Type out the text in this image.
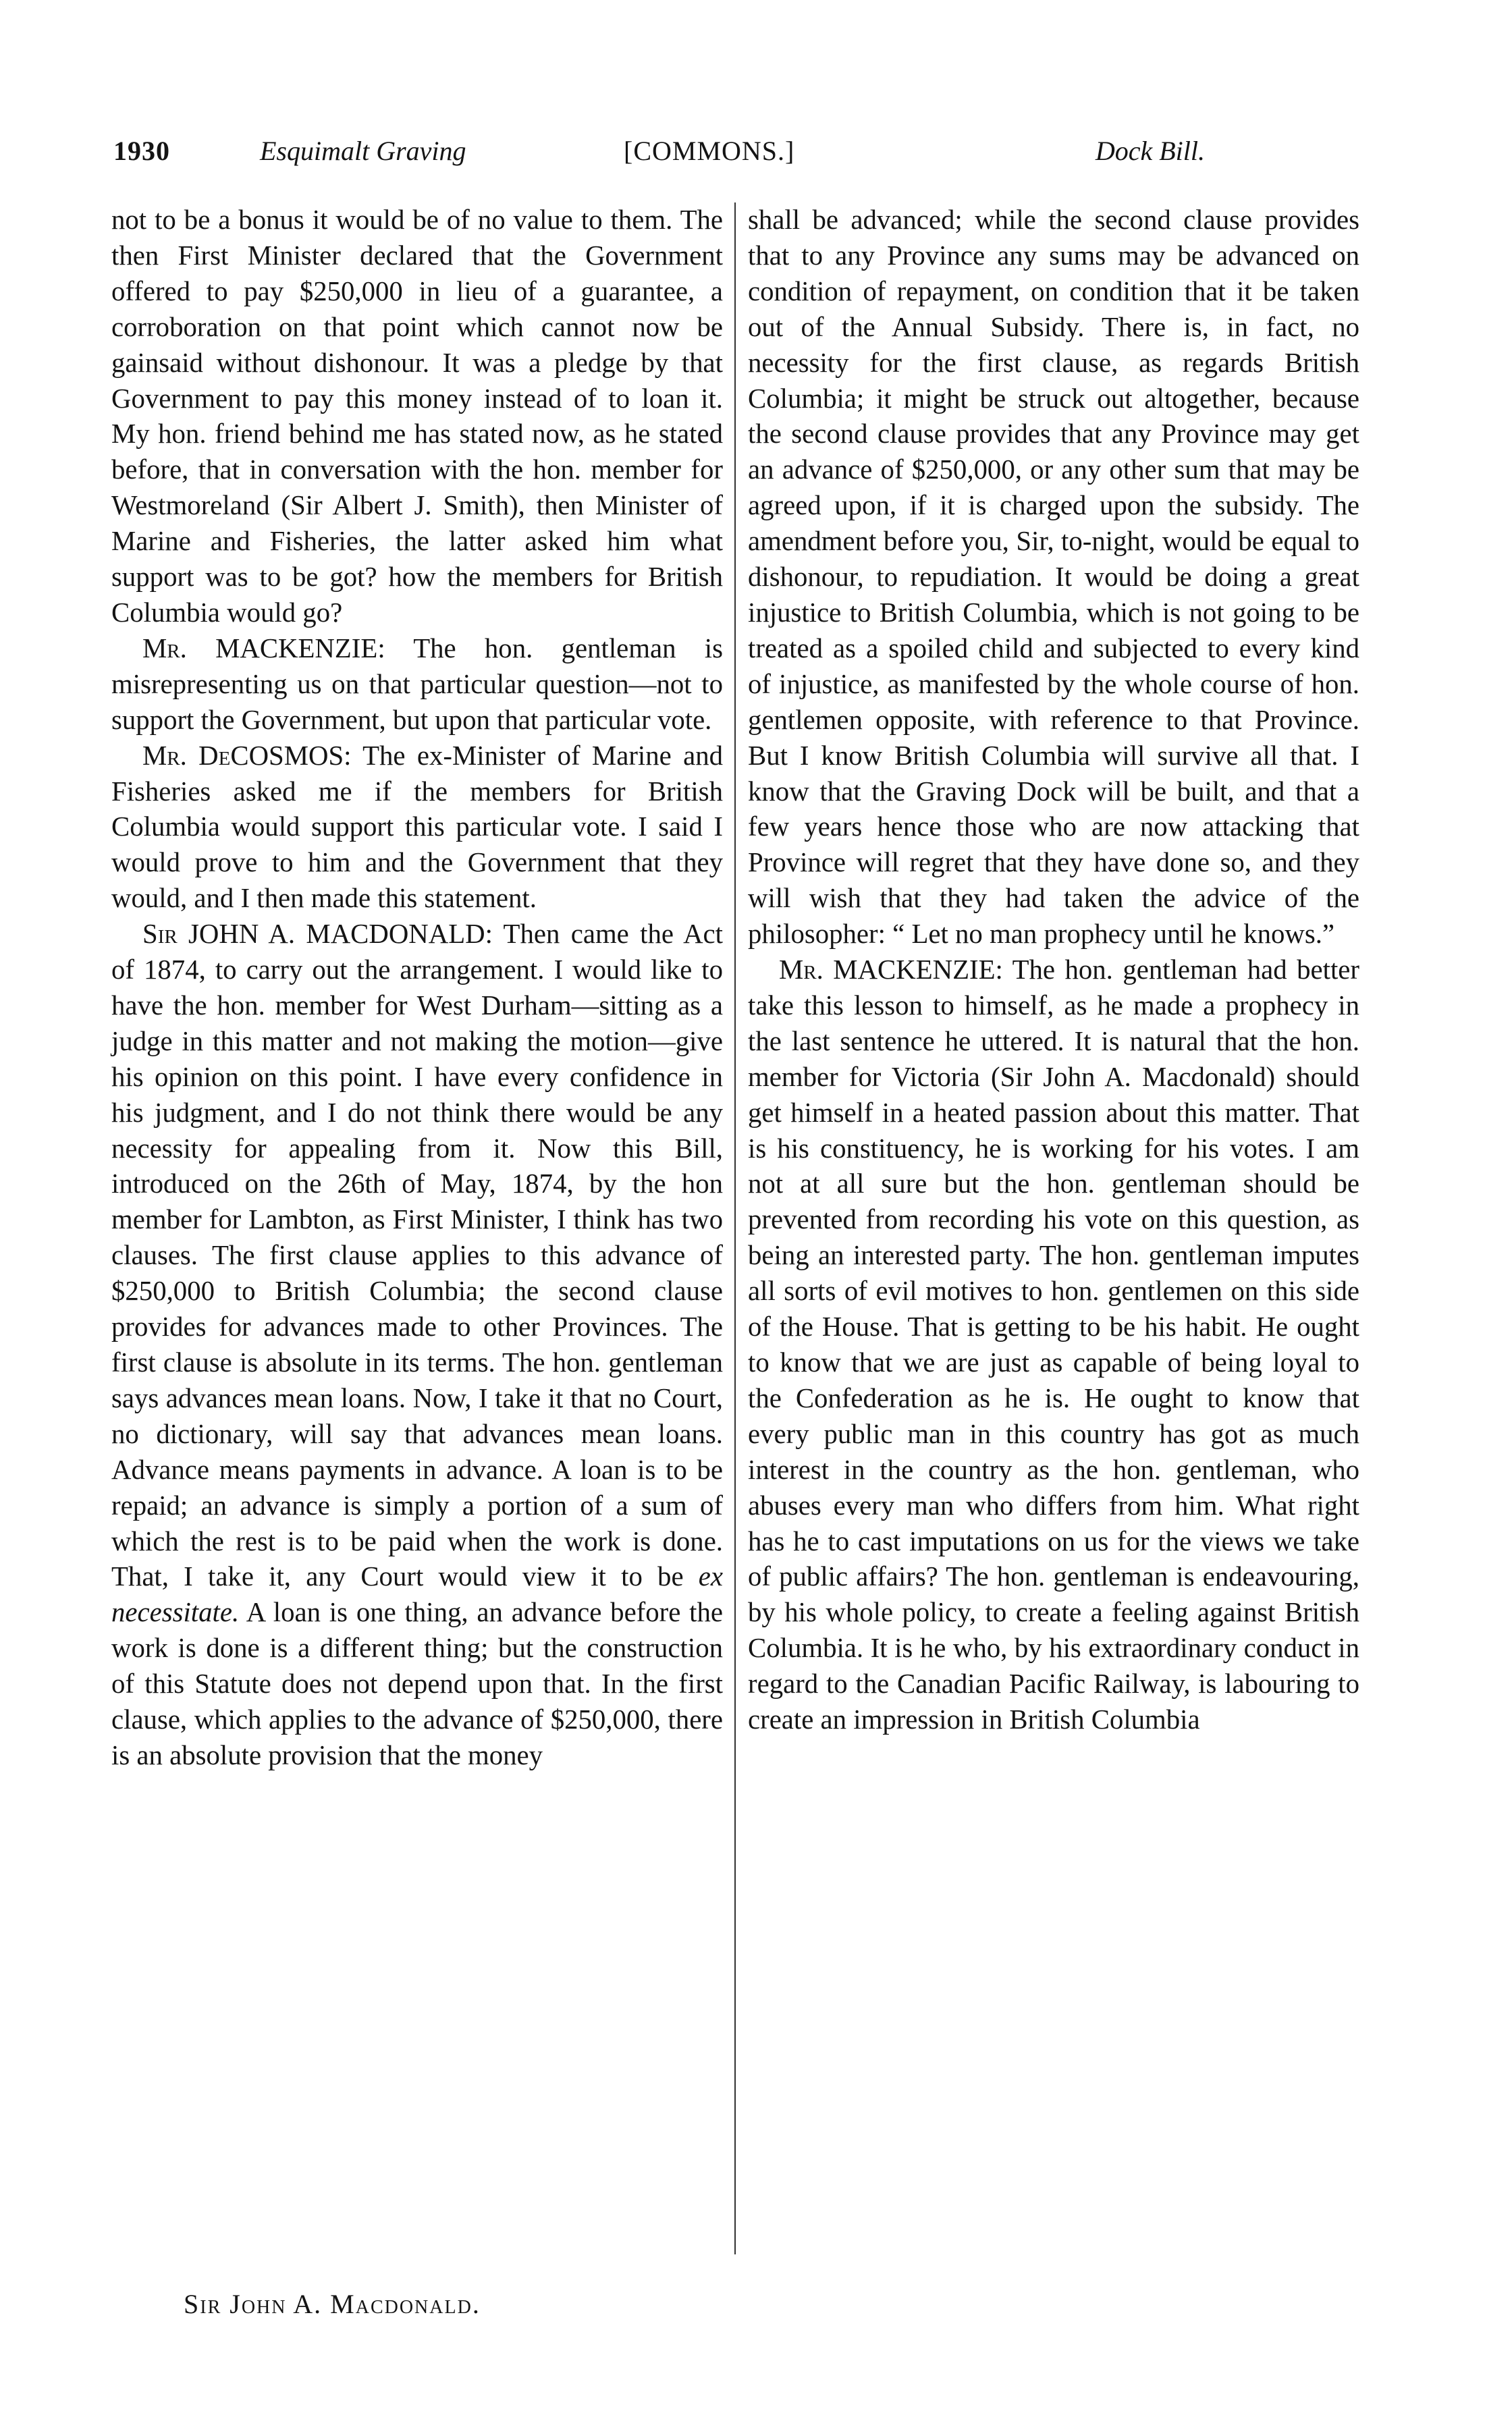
1930	Esquimalt Graving	[COMMONS.]	Dock Bill.

not to be a bonus it would be of no value to them. The then First Minister declared that the Government offered to pay $250,000 in lieu of a guarantee, a corroboration on that point which cannot now be gainsaid without dishonour. It was a pledge by that Government to pay this money instead of to loan it. My hon. friend behind me has stated now, as he stated before, that in conversation with the hon. member for Westmoreland (Sir Albert J. Smith), then Minister of Marine and Fisheries, the latter asked him what support was to be got? how the members for British Columbia would go?

Mr. MACKENZIE: The hon. gentleman is misrepresenting us on that particular question—not to support the Government, but upon that particular vote.

Mr. DeCOSMOS: The ex-Minister of Marine and Fisheries asked me if the members for British Columbia would support this particular vote. I said I would prove to him and the Government that they would, and I then made this statement.

Sir JOHN A. MACDONALD: Then came the Act of 1874, to carry out the arrangement. I would like to have the hon. member for West Durham—sitting as a judge in this matter and not making the motion—give his opinion on this point. I have every confidence in his judgment, and I do not think there would be any necessity for appealing from it. Now this Bill, introduced on the 26th of May, 1874, by the hon member for Lambton, as First Minister, I think has two clauses. The first clause applies to this advance of $250,000 to British Columbia; the second clause provides for advances made to other Provinces. The first clause is absolute in its terms. The hon. gentleman says advances mean loans. Now, I take it that no Court, no dictionary, will say that advances mean loans. Advance means payments in advance. A loan is to be repaid; an advance is simply a portion of a sum of which the rest is to be paid when the work is done. That, I take it, any Court would view it to be ex necessitate. A loan is one thing, an advance before the work is done is a different thing; but the construction of this Statute does not depend upon that. In the first clause, which applies to the advance of $250,000, there is an absolute provision that the money

shall be advanced; while the second clause provides that to any Province any sums may be advanced on condition of repayment, on condition that it be taken out of the Annual Subsidy. There is, in fact, no necessity for the first clause, as regards British Columbia; it might be struck out altogether, because the second clause provides that any Province may get an advance of $250,000, or any other sum that may be agreed upon, if it is charged upon the subsidy. The amendment before you, Sir, to-night, would be equal to dishonour, to repudiation. It would be doing a great injustice to British Columbia, which is not going to be treated as a spoiled child and subjected to every kind of injustice, as manifested by the whole course of hon. gentlemen opposite, with reference to that Province. But I know British Columbia will survive all that. I know that the Graving Dock will be built, and that a few years hence those who are now attacking that Province will regret that they have done so, and they will wish that they had taken the advice of the philosopher: “ Let no man prophecy until he knows.”

Mr. MACKENZIE: The hon. gentleman had better take this lesson to himself, as he made a prophecy in the last sentence he uttered. It is natural that the hon. member for Victoria (Sir John A. Macdonald) should get himself in a heated passion about this matter. That is his constituency, he is working for his votes. I am not at all sure but the hon. gentleman should be prevented from recording his vote on this question, as being an interested party. The hon. gentleman imputes all sorts of evil motives to hon. gentlemen on this side of the House. That is getting to be his habit. He ought to know that we are just as capable of being loyal to the Confederation as he is. He ought to know that every public man in this country has got as much interest in the country as the hon. gentleman, who abuses every man who differs from him. What right has he to cast imputations on us for the views we take of public affairs? The hon. gentleman is endeavouring, by his whole policy, to create a feeling against British Columbia. It is he who, by his extraordinary conduct in regard to the Canadian Pacific Railway, is labouring to create an impression in British Columbia

Sir John A. Macdonald.
